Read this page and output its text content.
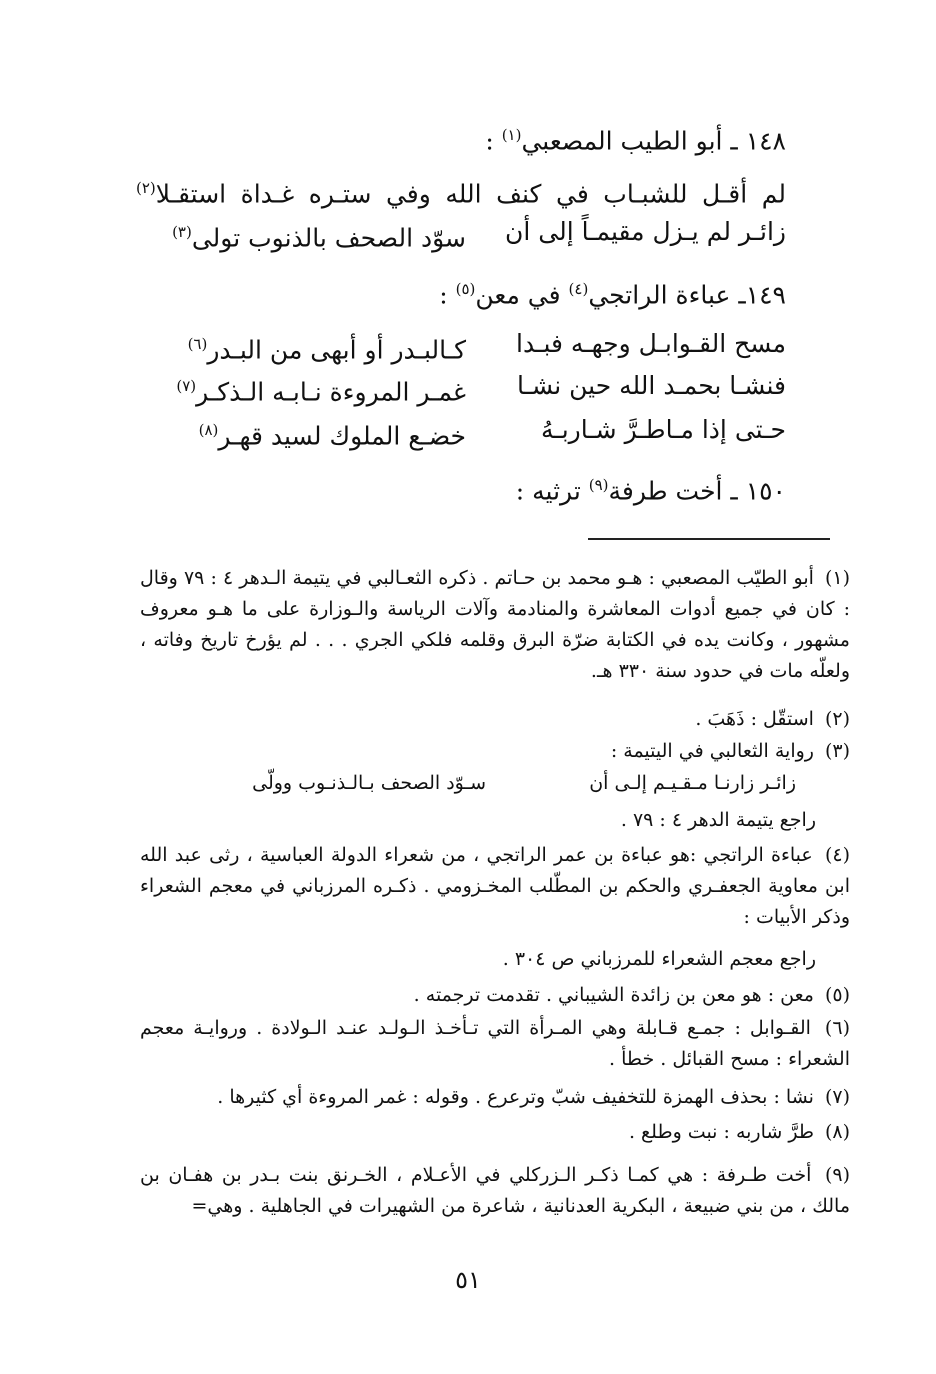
١٤٨ ـ أبو الطيب المصعبي$^{(١)}$ :
لم أقـل للشبـاب في كنف الله وفي ستـره غـداة استقـلا$^{(٢)}$
زائـر لم يـزل مقيمـاً إلى أن
سوّد الصحف بالذنوب تولى$^{(٣)}$
١٤٩ـ عباءة الراتجي$^{(٤)}$ في معن$^{(٥)}$ :
مسح القـوابـل وجهـه فبـدا
كـالبـدر أو أبهى من البـدر$^{(٦)}$
فنشـا بحمـد الله حين نشـا
غمـر المروءة نـابـه الـذكـر$^{(٧)}$
حـتى إذا مـاطـرَّ شـاربـهُ
خضـع الملوك لسيد قهـر$^{(٨)}$
١٥٠ ـ أخت طرفة$^{(٩)}$ ترثيه :
(١) أبو الطيّب المصعبي : هـو محمد بن حـاتم . ذكره الثعـالبي في يتيمة الـدهر ٤ : ٧٩ وقال : كان في جميع أدوات المعاشرة والمنادمة وآلات الرياسة والـوزارة على ما هـو معروف مشهور ، وكانت يده في الكتابة ضرّة البرق وقلمه فلكي الجري . . . لم يؤرخ تاريخ وفاته ، ولعلّه مات في حدود سنة ٣٣٠ هـ.
(٢) استقّل : ذَهَبَ .
(٣) رواية الثعالبي في اليتيمة :
زائـر زارنـا مـقـيـم إلـى أن
سـوّد الصحف بـالـذنـوب وولّى
راجع يتيمة الدهر ٤ : ٧٩ .
(٤) عباءة الراتجي :هو عباءة بن عمر الراتجي ، من شعراء الدولة العباسية ، رثى عبد الله ابن معاوية الجعفـري والحكم بن المطّلب المخـزومي . ذكـره المرزباني في معجم الشعراء وذكر الأبيات :
راجع معجم الشعراء للمرزباني ص ٣٠٤ .
(٥) معن : هو معن بن زائدة الشيباني . تقدمت ترجمته .
(٦) القـوابل : جمـع قـابلة وهي المـرأة التي تـأخـذ الـولـد عنـد الـولادة . وروايـة معجم الشعراء : مسح القبائل . خطأ .
(٧) نشا : بحذف الهمزة للتخفيف شبّ وترعرع . وقوله : غمر المروءة أي كثيرها .
(٨) طرَّ شاربه : نبت وطلع .
(٩) أخت طـرفة : هي كمـا ذكـر الـزركلي في الأعـلام ، الخـرنق بنت بـدر بن هفـان بن مالك ، من بني ضبيعة ، البكرية العدنانية ، شاعرة من الشهيرات في الجاهلية . وهي=
٥١
